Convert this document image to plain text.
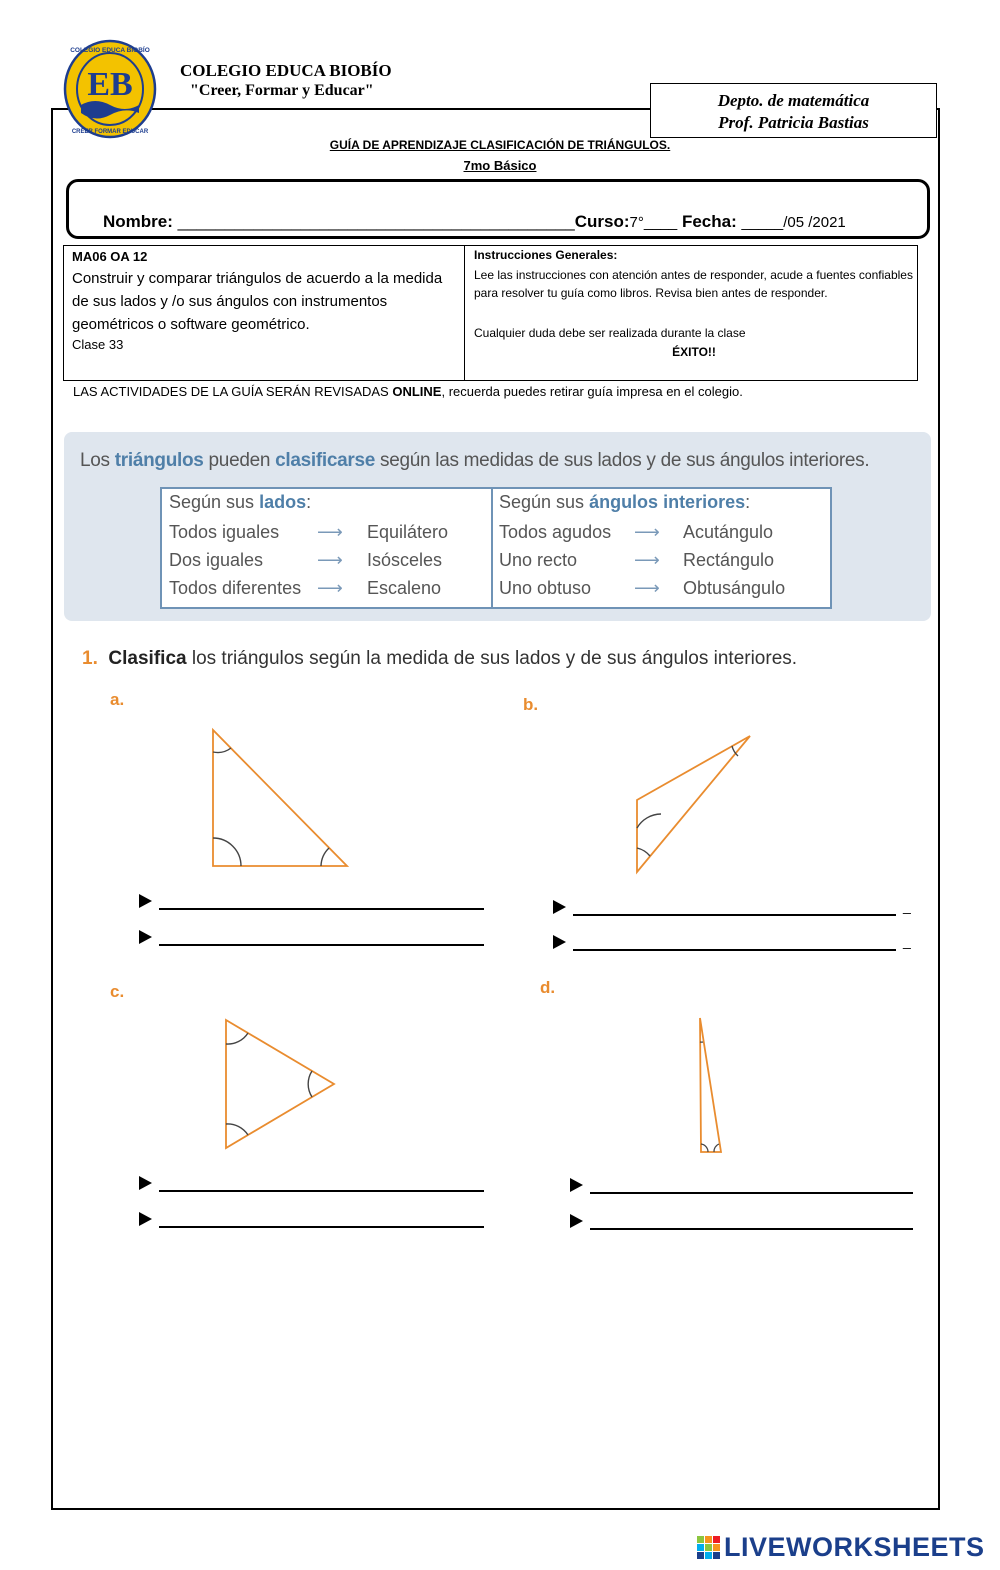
EB
COLEGIO EDUCA BIOBÍO
CREER FORMAR EDUCAR
COLEGIO EDUCA BIOBÍO
"Creer, Formar y Educar"
Depto. de matemática
Prof. Patricia Bastias
GUÍA DE APRENDIZAJE CLASIFICACIÓN DE TRIÁNGULOS.
7mo Básico
Nombre: __________________________________________Curso:7°____ Fecha: _____/05 /2021
MA06 OA 12
Construir y comparar triángulos de acuerdo a la medida de sus lados y /o sus ángulos con instrumentos geométricos o software geométrico.
Clase 33
Instrucciones Generales:
Lee las instrucciones con atención antes de responder, acude a fuentes confiables para resolver tu guía como libros. Revisa bien antes de responder.
Cualquier duda debe ser realizada durante la clase
ÉXITO!!
LAS ACTIVIDADES DE LA GUÍA SERÁN REVISADAS ONLINE, recuerda puedes retirar guía impresa en el colegio.
Los triángulos pueden clasificarse según las medidas de sus lados y de sus ángulos interiores.
Según sus lados:	Según sus ángulos interiores:
Todos iguales ⟶ Equilátero
Dos iguales	⟶ Isósceles
Todos diferentes ⟶ Escaleno
Todos agudos ⟶ Acutángulo
Uno recto	⟶ Rectángulo
Uno obtuso ⟶ Obtusángulo
1. Clasifica los triángulos según la medida de sus lados y de sus ángulos interiores.
a.	b.
_
_
c.	d.
LIVEWORKSHEETS
